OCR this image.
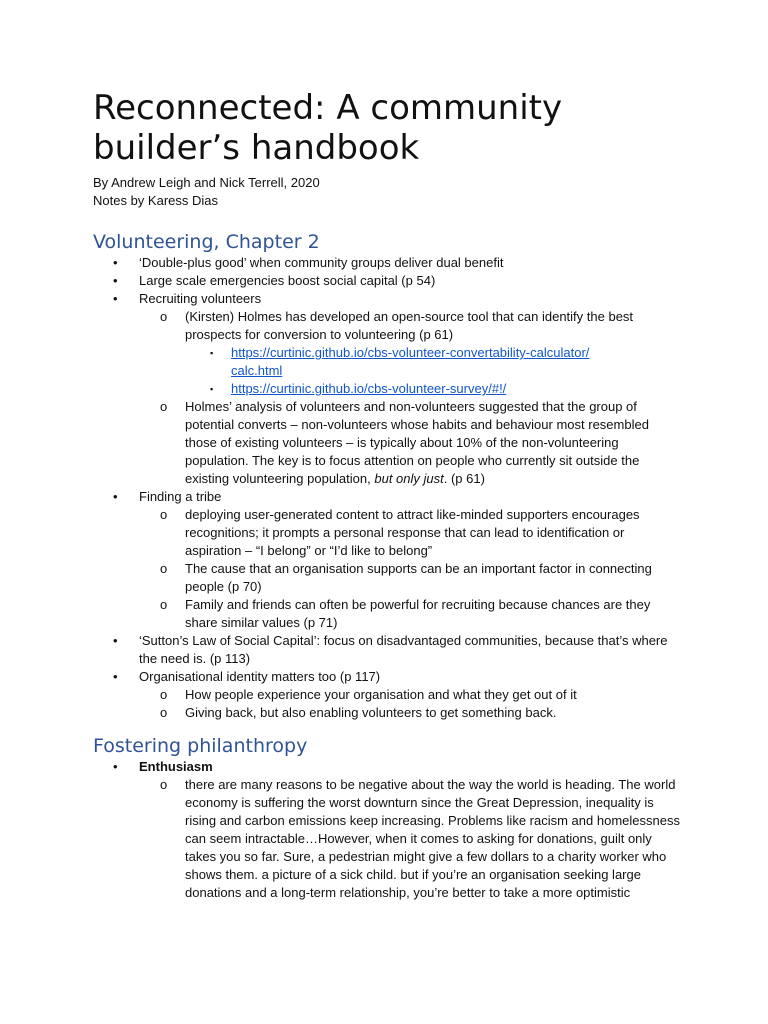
Reconnected: A community
builder’s handbook
By Andrew Leigh and Nick Terrell, 2020
Notes by Karess Dias
Volunteering, Chapter 2
• ‘Double-plus good’ when community groups deliver dual benefit
• Large scale emergencies boost social capital (p 54)
• Recruiting volunteers
o (Kirsten) Holmes has developed an open-source tool that can identify the best prospects for conversion to volunteering (p 61)
▪ https://curtinic.github.io/cbs-volunteer-convertability-calculator/
calc.html
▪ https://curtinic.github.io/cbs-volunteer-survey/#!/
o Holmes’ analysis of volunteers and non-volunteers suggested that the group of potential converts – non-volunteers whose habits and behaviour most resembled those of existing volunteers – is typically about 10% of the non-volunteering population. The key is to focus attention on people who currently sit outside the existing volunteering population, but only just. (p 61)
• Finding a tribe
o deploying user-generated content to attract like-minded supporters encourages recognitions; it prompts a personal response that can lead to identification or aspiration – “I belong” or “I’d like to belong”
o The cause that an organisation supports can be an important factor in connecting people (p 70)
o Family and friends can often be powerful for recruiting because chances are they share similar values (p 71)
• ‘Sutton’s Law of Social Capital’: focus on disadvantaged communities, because that’s where the need is. (p 113)
• Organisational identity matters too (p 117)
o How people experience your organisation and what they get out of it
o Giving back, but also enabling volunteers to get something back.
Fostering philanthropy
• Enthusiasm
o there are many reasons to be negative about the way the world is heading. The world economy is suffering the worst downturn since the Great Depression, inequality is rising and carbon emissions keep increasing. Problems like racism and homelessness can seem intractable…However, when it comes to asking for donations, guilt only takes you so far. Sure, a pedestrian might give a few dollars to a charity worker who shows them. a picture of a sick child. but if you’re an organisation seeking large donations and a long-term relationship, you’re better to take a more optimistic
